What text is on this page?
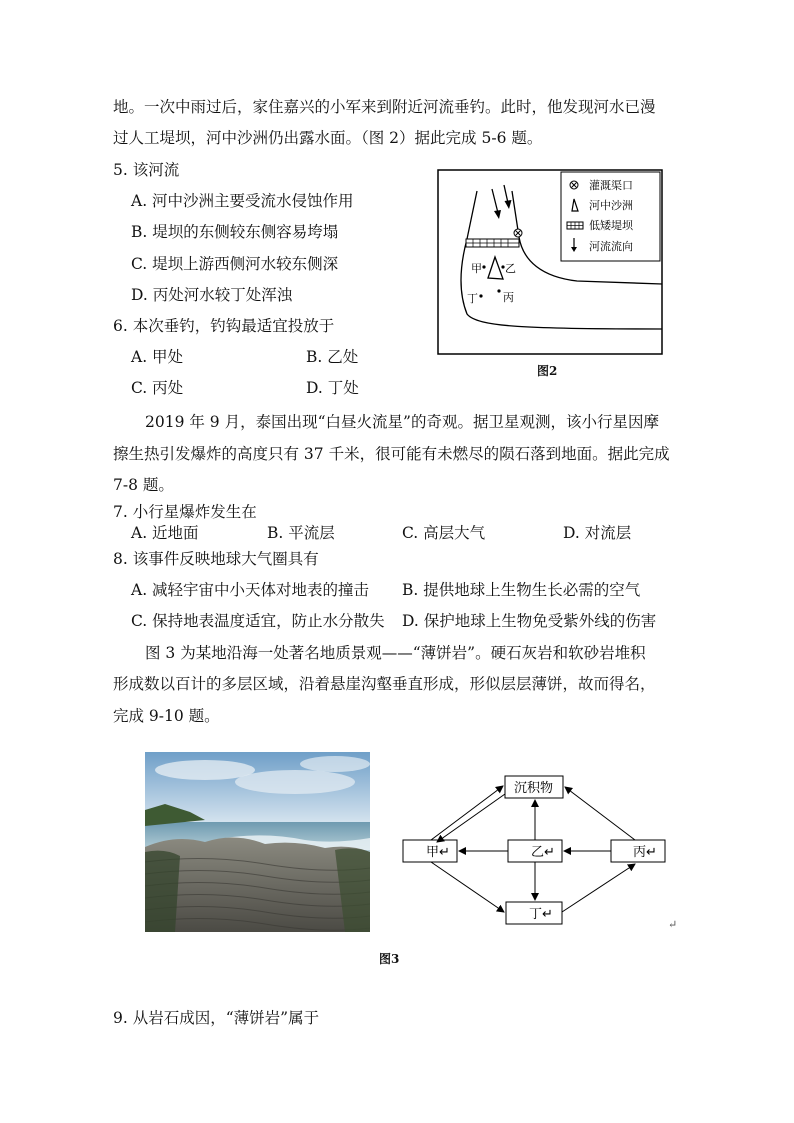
地。一次中雨过后，家住嘉兴的小军来到附近河流垂钓。此时，他发现河水已漫
过人工堤坝，河中沙洲仍出露水面。（图 2）据此完成 5-6 题。
5. 该河流
A. 河中沙洲主要受流水侵蚀作用
B. 堤坝的东侧较东侧容易垮塌
C. 堤坝上游西侧河水较东侧深
D. 丙处河水较丁处浑浊
6. 本次垂钓，钓钩最适宜投放于
A. 甲处	B. 乙处
C. 丙处	D. 丁处
灌溉渠口
河中沙洲
低矮堤坝
河流流向
甲 乙
丙
丁
图2
2019 年 9 月，泰国出现“白昼火流星”的奇观。据卫星观测，该小行星因摩
擦生热引发爆炸的高度只有 37 千米，很可能有未燃尽的陨石落到地面。据此完成
7-8 题。
7. 小行星爆炸发生在
A. 近地面	B. 平流层	C. 高层大气	D. 对流层
8. 该事件反映地球大气圈具有
A. 减轻宇宙中小天体对地表的撞击 B. 提供地球上生物生长必需的空气
C. 保持地表温度适宜，防止水分散失 D. 保护地球上生物免受紫外线的伤害
图 3 为某地沿海一处著名地质景观——“薄饼岩”。硬石灰岩和软砂岩堆积
形成数以百计的多层区域，沿着悬崖沟壑垂直形成，形似层层薄饼，故而得名，
完成 9-10 题。
沉积物
甲↵	乙↵	丙↵
丁↵
↵
图3
9. 从岩石成因，“薄饼岩”属于
